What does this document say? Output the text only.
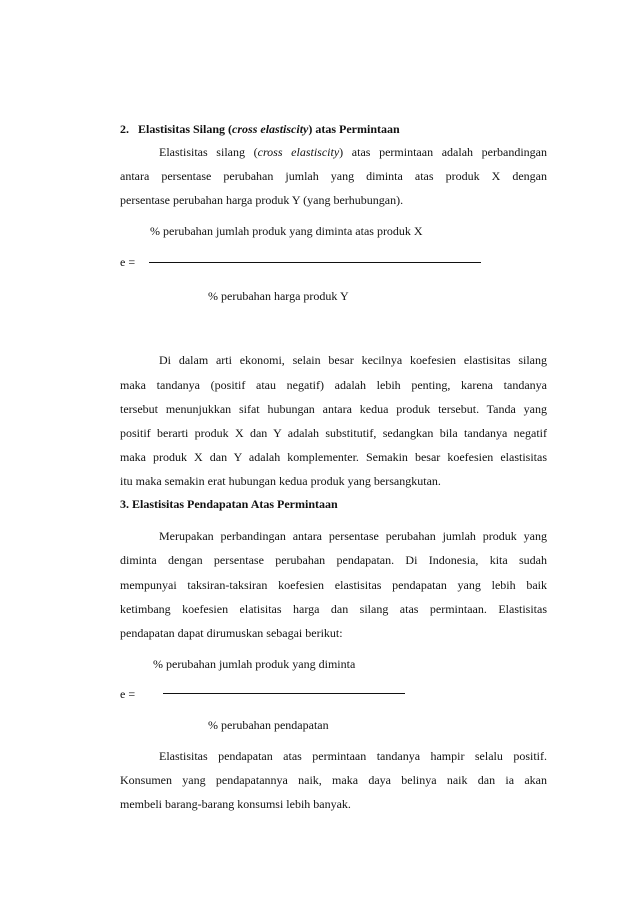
2. Elastisitas Silang (cross elastiscity) atas Permintaan
Elastisitas silang (cross elastiscity) atas permintaan adalah perbandingan
antara persentase perubahan jumlah yang diminta atas produk X dengan
persentase perubahan harga produk Y (yang berhubungan).
% perubahan jumlah produk yang diminta atas produk X
e =
% perubahan harga produk Y
Di dalam arti ekonomi, selain besar kecilnya koefesien elastisitas silang
maka tandanya (positif atau negatif) adalah lebih penting, karena tandanya
tersebut menunjukkan sifat hubungan antara kedua produk tersebut. Tanda yang
positif berarti produk X dan Y adalah substitutif, sedangkan bila tandanya negatif
maka produk X dan Y adalah komplementer. Semakin besar koefesien elastisitas
itu maka semakin erat hubungan kedua produk yang bersangkutan.
3. Elastisitas Pendapatan Atas Permintaan
Merupakan perbandingan antara persentase perubahan jumlah produk yang
diminta dengan persentase perubahan pendapatan. Di Indonesia, kita sudah
mempunyai taksiran-taksiran koefesien elastisitas pendapatan yang lebih baik
ketimbang koefesien elatisitas harga dan silang atas permintaan. Elastisitas
pendapatan dapat dirumuskan sebagai berikut:
% perubahan jumlah produk yang diminta
e =
% perubahan pendapatan
Elastisitas pendapatan atas permintaan tandanya hampir selalu positif.
Konsumen yang pendapatannya naik, maka daya belinya naik dan ia akan
membeli barang-barang konsumsi lebih banyak.
